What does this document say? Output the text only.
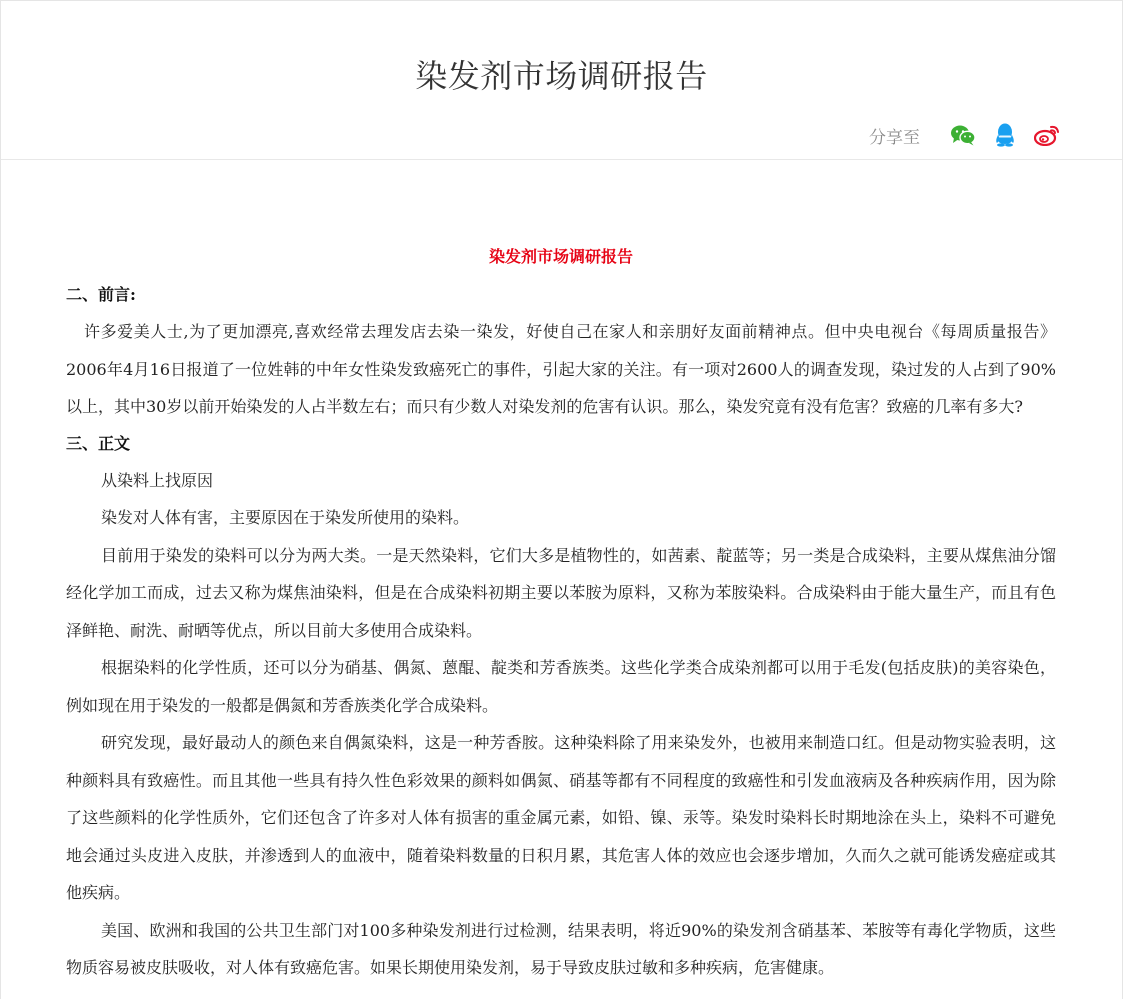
染发剂市场调研报告
分享至
染发剂市场调研报告
二、前言:

许多爱美人士,为了更加漂亮,喜欢经常去理发店去染一染发，好使自己在家人和亲朋好友面前精神点。但中央电视台《每周质量报告》2006年4月16日报道了一位姓韩的中年女性染发致癌死亡的事件，引起大家的关注。有一项对2600人的调查发现，染过发的人占到了90%以上，其中30岁以前开始染发的人占半数左右；而只有少数人对染发剂的危害有认识。那么，染发究竟有没有危害？致癌的几率有多大?

三、正文

从染料上找原因

染发对人体有害，主要原因在于染发所使用的染料。

目前用于染发的染料可以分为两大类。一是天然染料，它们大多是植物性的，如茜素、靛蓝等；另一类是合成染料，主要从煤焦油分馏经化学加工而成，过去又称为煤焦油染料，但是在合成染料初期主要以苯胺为原料，又称为苯胺染料。合成染料由于能大量生产，而且有色泽鲜艳、耐洗、耐晒等优点，所以目前大多使用合成染料。

根据染料的化学性质，还可以分为硝基、偶氮、蒽醌、靛类和芳香族类。这些化学类合成染剂都可以用于毛发(包括皮肤)的美容染色，例如现在用于染发的一般都是偶氮和芳香族类化学合成染料。

研究发现，最好最动人的颜色来自偶氮染料，这是一种芳香胺。这种染料除了用来染发外，也被用来制造口红。但是动物实验表明，这种颜料具有致癌性。而且其他一些具有持久性色彩效果的颜料如偶氮、硝基等都有不同程度的致癌性和引发血液病及各种疾病作用，因为除了这些颜料的化学性质外，它们还包含了许多对人体有损害的重金属元素，如铅、镍、汞等。染发时染料长时期地涂在头上，染料不可避免地会通过头皮进入皮肤，并渗透到人的血液中，随着染料数量的日积月累，其危害人体的效应也会逐步增加，久而久之就可能诱发癌症或其他疾病。

美国、欧洲和我国的公共卫生部门对100多种染发剂进行过检测，结果表明，将近90%的染发剂含硝基苯、苯胺等有毒化学物质，这些物质容易被皮肤吸收，对人体有致癌危害。如果长期使用染发剂，易于导致皮肤过敏和多种疾病，危害健康。
